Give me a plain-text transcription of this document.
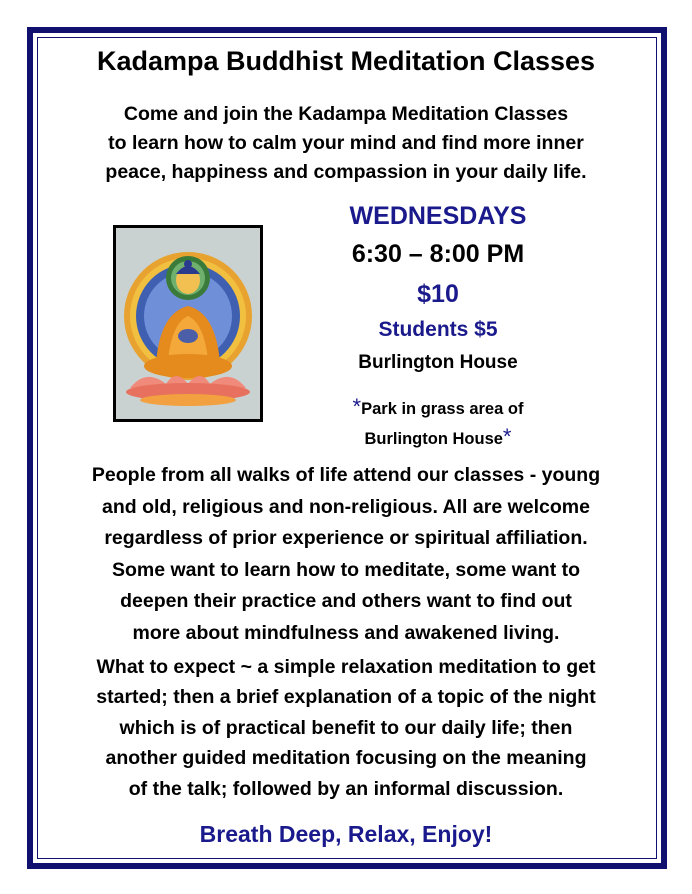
Kadampa Buddhist Meditation Classes
Come and join the Kadampa Meditation Classes
to learn how to calm your mind and find more inner
peace, happiness and compassion in your daily life.
WEDNESDAYS
6:30 – 8:00 PM
$10
Students $5
Burlington House
*Park in grass area of
Burlington House*
People from all walks of life attend our classes - young
and old, religious and non-religious. All are welcome
regardless of prior experience or spiritual affiliation.
Some want to learn how to meditate, some want to
deepen their practice and others want to find out
more about mindfulness and awakened living.
What to expect ~ a simple relaxation meditation to get
started; then a brief explanation of a topic of the night
which is of practical benefit to our daily life; then
another guided meditation focusing on the meaning
of the talk; followed by an informal discussion.
Breath Deep, Relax, Enjoy!
